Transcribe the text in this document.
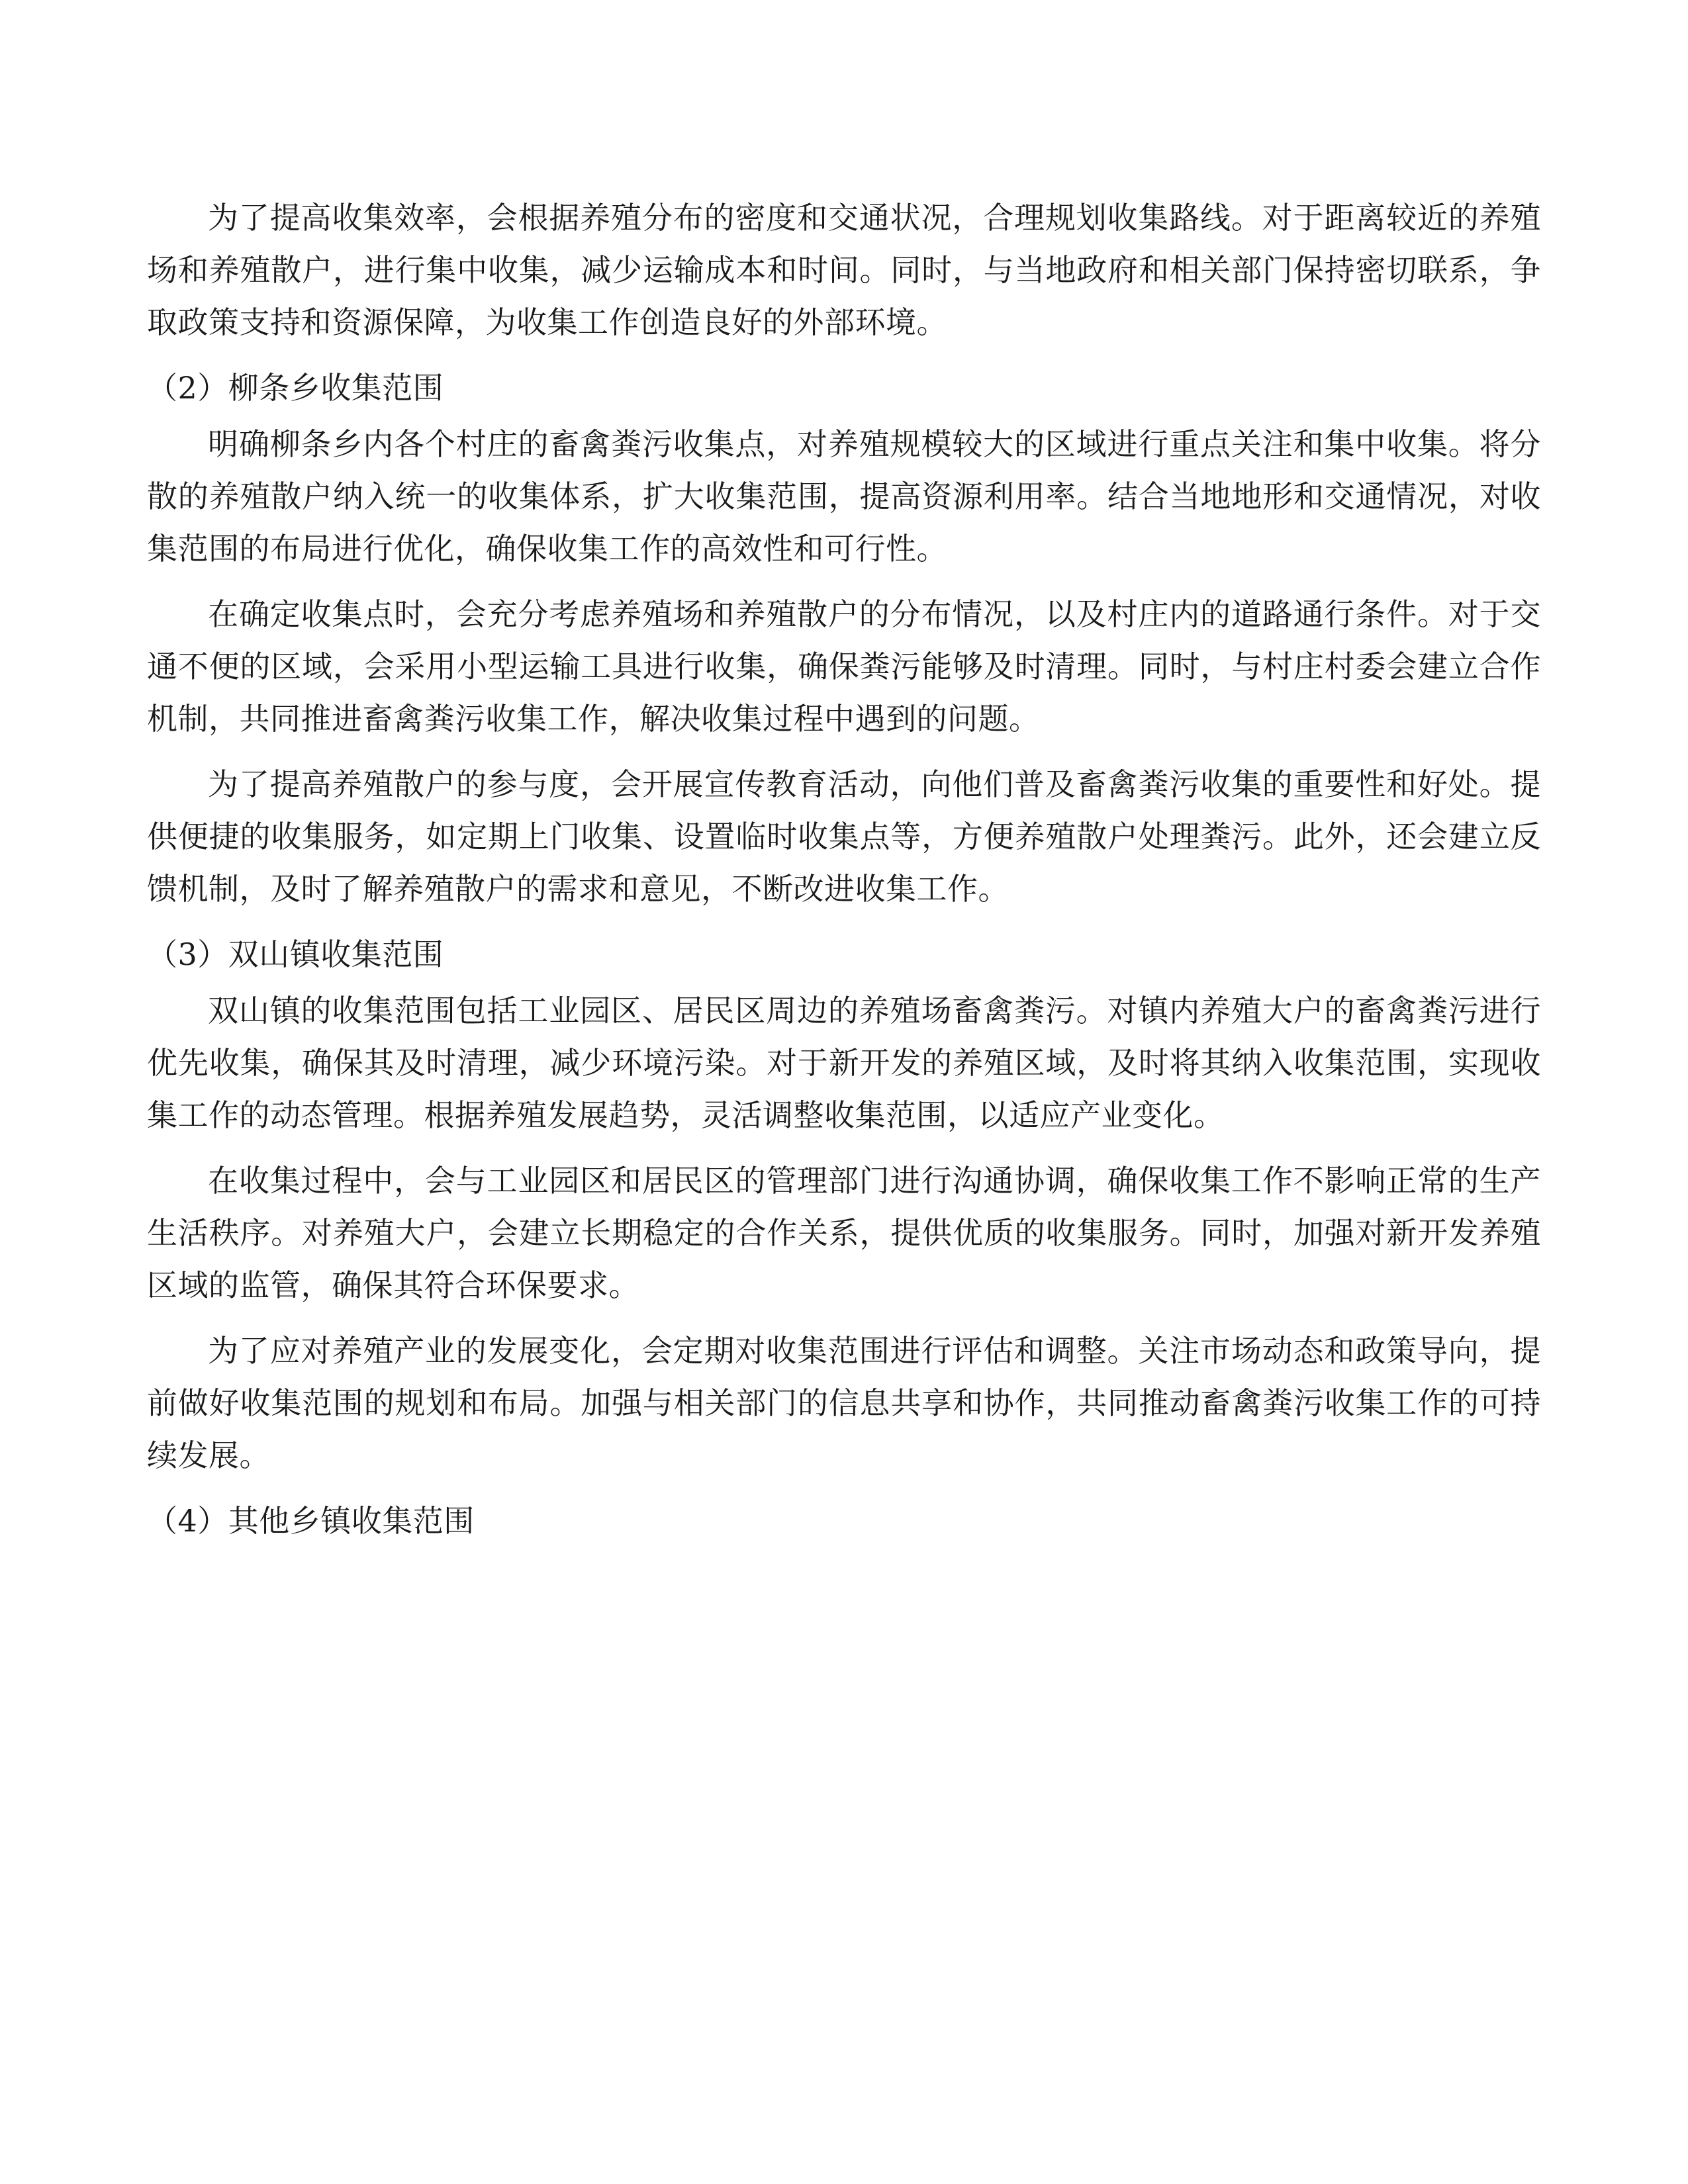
为了提高收集效率，会根据养殖分布的密度和交通状况，合理规划收集路线。对于距离较近的养殖场和养殖散户，进行集中收集，减少运输成本和时间。同时，与当地政府和相关部门保持密切联系，争取政策支持和资源保障，为收集工作创造良好的外部环境。

（2）柳条乡收集范围

明确柳条乡内各个村庄的畜禽粪污收集点，对养殖规模较大的区域进行重点关注和集中收集。将分散的养殖散户纳入统一的收集体系，扩大收集范围，提高资源利用率。结合当地地形和交通情况，对收集范围的布局进行优化，确保收集工作的高效性和可行性。

在确定收集点时，会充分考虑养殖场和养殖散户的分布情况，以及村庄内的道路通行条件。对于交通不便的区域，会采用小型运输工具进行收集，确保粪污能够及时清理。同时，与村庄村委会建立合作机制，共同推进畜禽粪污收集工作，解决收集过程中遇到的问题。

为了提高养殖散户的参与度，会开展宣传教育活动，向他们普及畜禽粪污收集的重要性和好处。提供便捷的收集服务，如定期上门收集、设置临时收集点等，方便养殖散户处理粪污。此外，还会建立反馈机制，及时了解养殖散户的需求和意见，不断改进收集工作。

（3）双山镇收集范围

双山镇的收集范围包括工业园区、居民区周边的养殖场畜禽粪污。对镇内养殖大户的畜禽粪污进行优先收集，确保其及时清理，减少环境污染。对于新开发的养殖区域，及时将其纳入收集范围，实现收集工作的动态管理。根据养殖发展趋势，灵活调整收集范围，以适应产业变化。

在收集过程中，会与工业园区和居民区的管理部门进行沟通协调，确保收集工作不影响正常的生产生活秩序。对养殖大户，会建立长期稳定的合作关系，提供优质的收集服务。同时，加强对新开发养殖区域的监管，确保其符合环保要求。

为了应对养殖产业的发展变化，会定期对收集范围进行评估和调整。关注市场动态和政策导向，提前做好收集范围的规划和布局。加强与相关部门的信息共享和协作，共同推动畜禽粪污收集工作的可持续发展。

（4）其他乡镇收集范围
